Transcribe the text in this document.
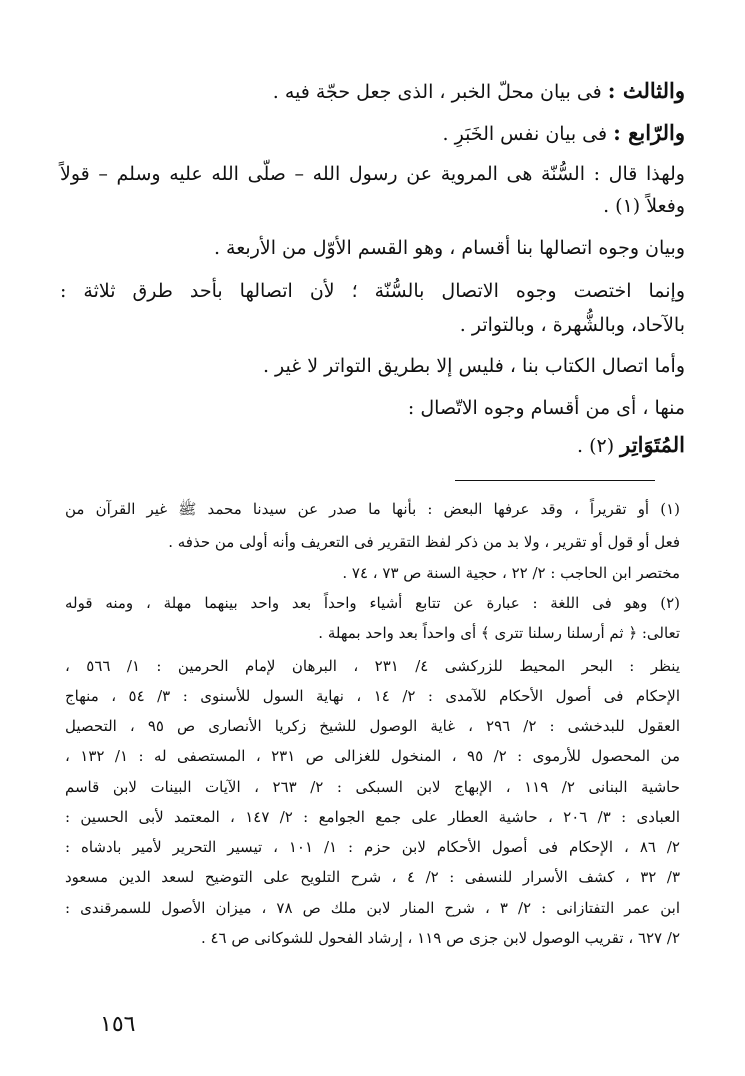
والثالث : فى بيان محلّ الخبر ، الذى جعل حجّة فيه .

والرّابع : فى بيان نفس الخَبَرِ .

ولهذا قال : السُّنّة هى المروية عن رسول الله – صلّى الله عليه وسلم – قولاً

وفعلاً (١) .

وبيان وجوه اتصالها بنا أقسام ، وهو القسم الأوّل من الأربعة .

وإنما اختصت وجوه الاتصال بالسُّنّة ؛ لأن اتصالها بأحد طرق ثلاثة :

بالآحاد، وبالشُّهرة ، وبالتواتر .

وأما اتصال الكتاب بنا ، فليس إلا بطريق التواتر لا غير .

منها ، أى من أقسام وجوه الاتّصال :

المُتَوَاتِر (٢) .

(١) أو تقريراً ، وقد عرفها البعض : بأنها ما صدر عن سيدنا محمد ﷺ غير القرآن من

فعل أو قول أو تقرير ، ولا بد من ذكر لفظ التقرير فى التعريف وأنه أولى من حذفه .

مختصر ابن الحاجب : ٢/ ٢٢ ، حجية السنة ص ٧٣ ، ٧٤ .

(٢) وهو فى اللغة : عبارة عن تتابع أشياء واحداً بعد واحد بينهما مهلة ، ومنه قوله

تعالى: ﴿ ثم أرسلنا رسلنا تترى ﴾ أى واحداً بعد واحد بمهلة .

ينظر : البحر المحيط للزركشى ٤/ ٢٣١ ، البرهان لإمام الحرمين : ١/ ٥٦٦ ،

الإحكام فى أصول الأحكام للآمدى : ٢/ ١٤ ، نهاية السول للأسنوى : ٣/ ٥٤ ، منهاج

العقول للبدخشى : ٢/ ٢٩٦ ، غاية الوصول للشيخ زكريا الأنصارى ص ٩٥ ، التحصيل

من المحصول للأرموى : ٢/ ٩٥ ، المنخول للغزالى ص ٢٣١ ، المستصفى له : ١/ ١٣٢ ،

حاشية البنانى ٢/ ١١٩ ، الإبهاج لابن السبكى : ٢/ ٢٦٣ ، الآيات البينات لابن قاسم

العبادى : ٣/ ٢٠٦ ، حاشية العطار على جمع الجوامع : ٢/ ١٤٧ ، المعتمد لأبى الحسين :

٢/ ٨٦ ، الإحكام فى أصول الأحكام لابن حزم : ١/ ١٠١ ، تيسير التحرير لأمير بادشاه :

٣/ ٣٢ ، كشف الأسرار للنسفى : ٢/ ٤ ، شرح التلويح على التوضيح لسعد الدين مسعود

ابن عمر التفتازانى : ٢/ ٣ ، شرح المنار لابن ملك ص ٧٨ ، ميزان الأصول للسمرقندى :

٢/ ٦٢٧ ، تقريب الوصول لابن جزى ص ١١٩ ، إرشاد الفحول للشوكانى ص ٤٦ .

١٥٦
